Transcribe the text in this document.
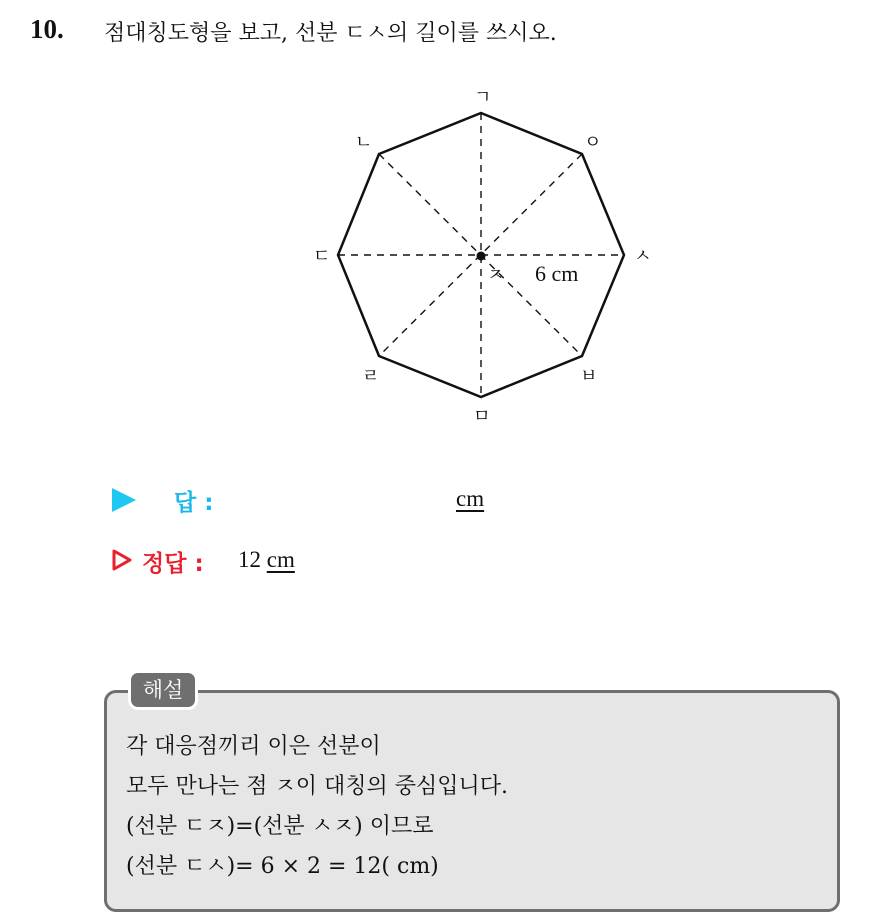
10. 점대칭도형을 보고, 선분 ㄷㅅ의 길이를 쓰시오.
ㄱ
ㄴ
ㄷ
ㄹ
ㅁ
ㅂ
ㅅ
ㅇ
ㅈ 6 cm
답 :	cm
정답 : 12 cm
해설
각 대응점끼리 이은 선분이
모두 만나는 점 ㅈ이 대칭의 중심입니다.
(선분 ㄷㅈ)=(선분 ㅅㅈ) 이므로
(선분 ㄷㅅ)= 6 × 2 = 12( cm)
